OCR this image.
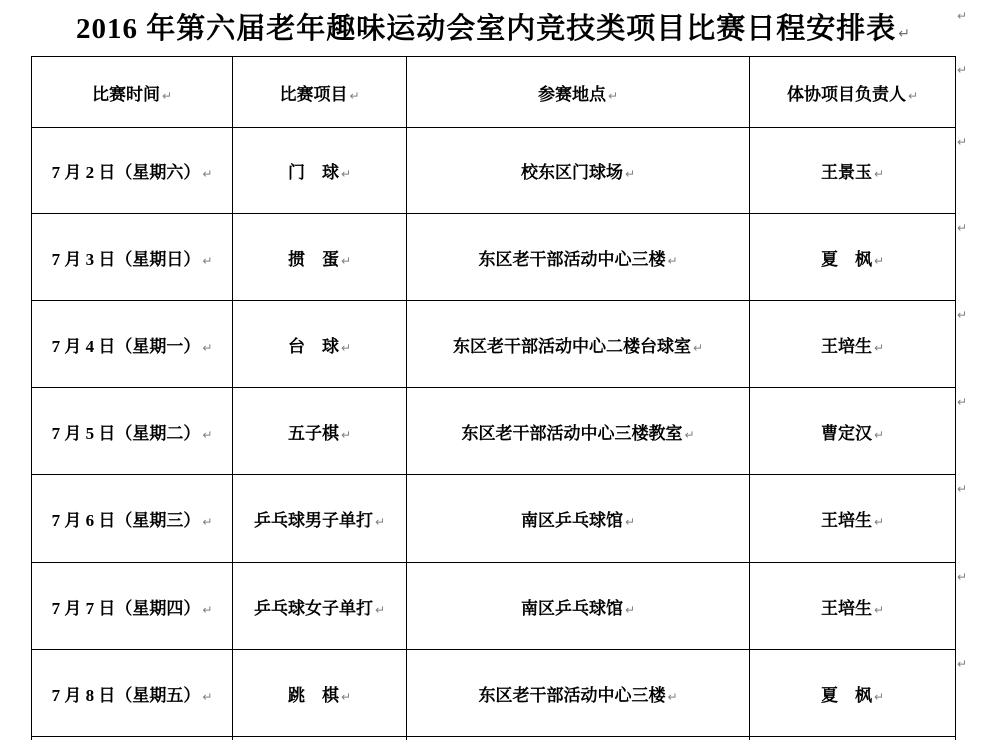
2016 年第六届老年趣味运动会室内竞技类项目比赛日程安排表 ↵
↵
比赛时间 ↵	比赛项目 ↵	参赛地点 ↵	体协项目负责人 ↵
7 月 2 日（星期六） ↵	门　球 ↵	校东区门球场 ↵	王景玉 ↵
7 月 3 日（星期日） ↵	掼　蛋 ↵	东区老干部活动中心三楼 ↵	夏　枫 ↵
7 月 4 日（星期一） ↵	台　球 ↵	东区老干部活动中心二楼台球室 ↵	王培生 ↵
7 月 5 日（星期二） ↵	五子棋 ↵	东区老干部活动中心三楼教室 ↵	曹定汉 ↵
7 月 6 日（星期三） ↵	乒乓球男子单打 ↵	南区乒乓球馆 ↵	王培生 ↵
7 月 7 日（星期四） ↵	乒乓球女子单打 ↵	南区乒乓球馆 ↵	王培生 ↵
7 月 8 日（星期五） ↵	跳　棋 ↵	东区老干部活动中心三楼 ↵	夏　枫 ↵

↵
↵
↵
↵
↵
↵
↵
↵
